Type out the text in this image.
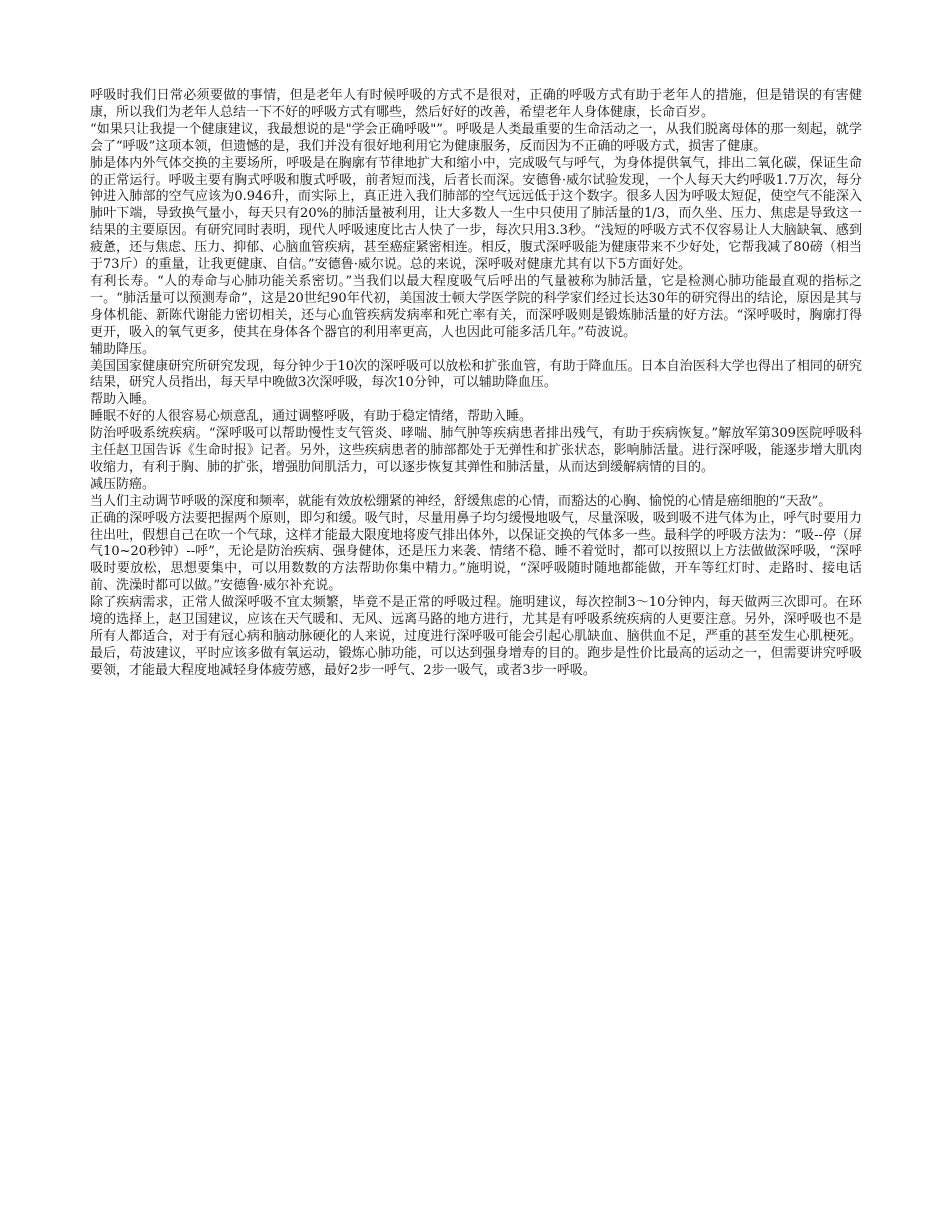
呼吸时我们日常必须要做的事情，但是老年人有时候呼吸的方式不是很对，正确的呼吸方式有助于老年人的措施，但是错误的有害健康，所以我们为老年人总结一下不好的呼吸方式有哪些，然后好好的改善，希望老年人身体健康，长命百岁。

“如果只让我提一个健康建议，我最想说的是"学会正确呼吸"”。呼吸是人类最重要的生命活动之一，从我们脱离母体的那一刻起，就学会了“呼吸”这项本领，但遗憾的是，我们并没有很好地利用它为健康服务，反而因为不正确的呼吸方式，损害了健康。

肺是体内外气体交换的主要场所，呼吸是在胸廓有节律地扩大和缩小中，完成吸气与呼气，为身体提供氧气，排出二氧化碳，保证生命的正常运行。呼吸主要有胸式呼吸和腹式呼吸，前者短而浅，后者长而深。安德鲁·威尔试验发现，一个人每天大约呼吸1.7万次，每分钟进入肺部的空气应该为0.946升，而实际上，真正进入我们肺部的空气远远低于这个数字。很多人因为呼吸太短促，使空气不能深入肺叶下端，导致换气量小，每天只有20%的肺活量被利用，让大多数人一生中只使用了肺活量的1/3，而久坐、压力、焦虑是导致这一结果的主要原因。有研究同时表明，现代人呼吸速度比古人快了一步，每次只用3.3秒。“浅短的呼吸方式不仅容易让人大脑缺氧、感到疲惫，还与焦虑、压力、抑郁、心脑血管疾病，甚至癌症紧密相连。相反，腹式深呼吸能为健康带来不少好处，它帮我减了80磅（相当于73斤）的重量，让我更健康、自信。”安德鲁·威尔说。总的来说，深呼吸对健康尤其有以下5方面好处。

有利长寿。“人的寿命与心肺功能关系密切。”当我们以最大程度吸气后呼出的气量被称为肺活量，它是检测心肺功能最直观的指标之一。“肺活量可以预测寿命”，这是20世纪90年代初，美国波士顿大学医学院的科学家们经过长达30年的研究得出的结论，原因是其与身体机能、新陈代谢能力密切相关，还与心血管疾病发病率和死亡率有关，而深呼吸则是锻炼肺活量的好方法。“深呼吸时，胸廓打得更开，吸入的氧气更多，使其在身体各个器官的利用率更高，人也因此可能多活几年。”苟波说。

辅助降压。

美国国家健康研究所研究发现，每分钟少于10次的深呼吸可以放松和扩张血管，有助于降血压。日本自治医科大学也得出了相同的研究结果，研究人员指出，每天早中晚做3次深呼吸，每次10分钟，可以辅助降血压。

帮助入睡。

睡眠不好的人很容易心烦意乱，通过调整呼吸，有助于稳定情绪，帮助入睡。

防治呼吸系统疾病。“深呼吸可以帮助慢性支气管炎、哮喘、肺气肿等疾病患者排出残气，有助于疾病恢复。”解放军第309医院呼吸科主任赵卫国告诉《生命时报》记者。另外，这些疾病患者的肺部都处于无弹性和扩张状态，影响肺活量。进行深呼吸，能逐步增大肌肉收缩力，有利于胸、肺的扩张，增强肋间肌活力，可以逐步恢复其弹性和肺活量，从而达到缓解病情的目的。

减压防癌。

当人们主动调节呼吸的深度和频率，就能有效放松绷紧的神经，舒缓焦虑的心情，而豁达的心胸、愉悦的心情是癌细胞的“天敌”。

正确的深呼吸方法要把握两个原则，即匀和缓。吸气时，尽量用鼻子均匀缓慢地吸气，尽量深吸，吸到吸不进气体为止，呼气时要用力往出吐，假想自己在吹一个气球，这样才能最大限度地将废气排出体外，以保证交换的气体多一些。最科学的呼吸方法为：“吸--停（屏气10~20秒钟）--呼”，无论是防治疾病、强身健体，还是压力来袭、情绪不稳、睡不着觉时，都可以按照以上方法做做深呼吸，“深呼吸时要放松，思想要集中，可以用数数的方法帮助你集中精力。”施明说，“深呼吸随时随地都能做，开车等红灯时、走路时、接电话前、洗澡时都可以做。”安德鲁·威尔补充说。

除了疾病需求，正常人做深呼吸不宜太频繁，毕竟不是正常的呼吸过程。施明建议，每次控制3～10分钟内，每天做两三次即可。在环境的选择上，赵卫国建议，应该在天气暖和、无风、远离马路的地方进行，尤其是有呼吸系统疾病的人更要注意。另外，深呼吸也不是所有人都适合，对于有冠心病和脑动脉硬化的人来说，过度进行深呼吸可能会引起心肌缺血、脑供血不足，严重的甚至发生心肌梗死。最后，苟波建议，平时应该多做有氧运动，锻炼心肺功能，可以达到强身增寿的目的。跑步是性价比最高的运动之一，但需要讲究呼吸要领，才能最大程度地减轻身体疲劳感，最好2步一呼气、2步一吸气，或者3步一呼吸。
